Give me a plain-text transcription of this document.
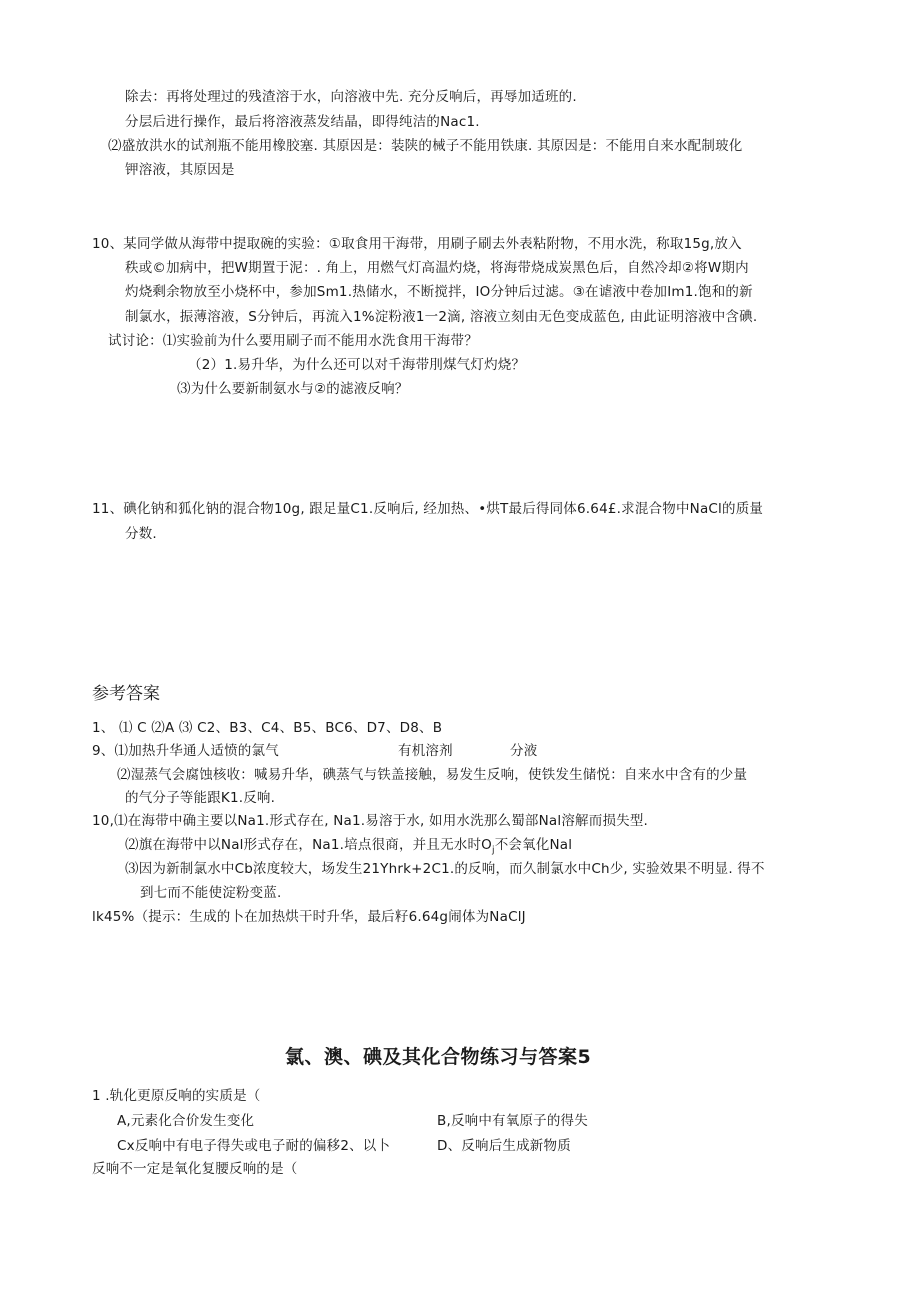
除去：再将处理过的残渣溶于水，向溶液中先. 充分反响后，再辱加适班的.
分层后进行操作，最后将溶液蒸发结晶，即得纯洁的Nac1.
⑵盛放洪水的试剂瓶不能用橡胶塞. 其原因是：装陕的械子不能用铁康. 其原因是：不能用自来水配制玻化
钾溶液，其原因是
10、某同学做从海带中提取碗的实验：①取食用干海带，用刷子刷去外表粘附物，不用水洗，称取15g,放入
秩或©加病中，把W期置于泥：. 角上，用燃气灯高温灼烧，将海带烧成炭黑色后，自然冷却②将W期内
灼烧剩余物放至小烧杯中，参加Sm1.热储水，不断搅拌，IO分钟后过滤。③在谑液中卷加Im1.饱和的新
制氯水，振薄溶液，S分钟后，再流入1%淀粉液1一2滴, 溶液立刻由无色变成蓝色, 由此证明溶液中含碘.
试讨论：⑴实验前为什么要用刷子而不能用水洗食用干海带？
（2）1.易升华，为什么还可以对千海带刖煤气灯灼烧？
⑶为什么要新制氨水与②的滤液反响？
11、碘化钠和狐化钠的混合物10g, 跟足量C1.反响后, 经加热、•烘T最后得同体6.64£.求混合物中NaCl的质量
分数.
参考答案
1、 ⑴ C ⑵A ⑶ C2、B3、C4、B5、BC6、D7、D8、B
9、⑴加热升华通人适愤的氯气	有机溶剂	分液
⑵湿蒸气会腐蚀核收：喊易升华，碘蒸气与铁盖接触，易发生反响，使铁发生储悦：自来水中含有的少量
的气分子等能跟K1.反响.
10,⑴在海带中确主要以Na1.形式存在, Na1.易溶于水, 如用水洗那么蜀部Nal溶解而损失型.
⑵旗在海带中以Nal形式存在，Na1.培点很商，并且无水时$O_j$不会氧化Nal
⑶因为新制氯水中Cb浓度较大，场发生21Yhrk+2C1.的反响，而久制氯水中Ch少, 实验效果不明显. 得不
到七而不能使淀粉变蓝.
lk45%（提示：生成的卜在加热烘干时升华，最后籽6.64g闹体为NaClJ
氯、澳、碘及其化合物练习与答案5
1 .轨化更原反响的实质是（
A,元素化合价发生变化	B,反响中有氧原子的得失
Cx反响中有电子得失或电子耐的偏移2、以卜	D、反响后生成新物质
反响不一定是氧化复腰反响的是（
